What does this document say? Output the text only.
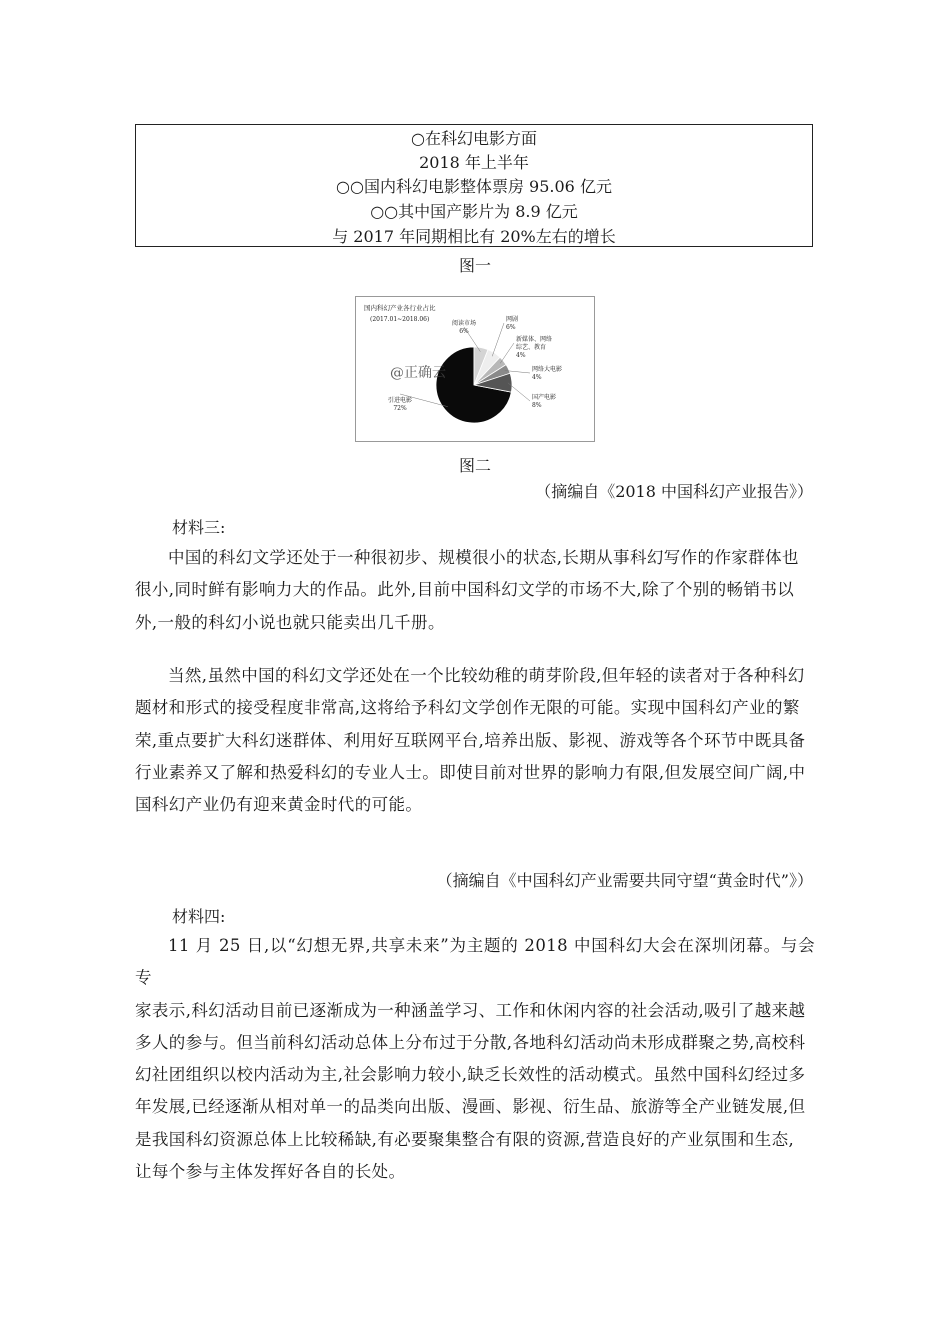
○在科幻电影方面
2018 年上半年
○○国内科幻电影整体票房 95.06 亿元
○○其中国产影片为 8.9 亿元
与 2017 年同期相比有 20%左右的增长
图一
国内科幻产业各行业占比
(2017.01~2018.06)
引进电影
72%
阅读市场
6%
网剧
6%
新媒体、网络
综艺、教育
4%
网络大电影
4%
国产电影
8%
@正确云
图二
（摘编自《2018 中国科幻产业报告》）
材料三:

中国的科幻文学还处于一种很初步、规模很小的状态,长期从事科幻写作的作家群体也
很小,同时鲜有影响力大的作品。此外,目前中国科幻文学的市场不大,除了个别的畅销书以
外,一般的科幻小说也就只能卖出几千册。

当然,虽然中国的科幻文学还处在一个比较幼稚的萌芽阶段,但年轻的读者对于各种科幻
题材和形式的接受程度非常高,这将给予科幻文学创作无限的可能。实现中国科幻产业的繁
荣,重点要扩大科幻迷群体、利用好互联网平台,培养出版、影视、游戏等各个环节中既具备
行业素养又了解和热爱科幻的专业人士。即使目前对世界的影响力有限,但发展空间广阔,中
国科幻产业仍有迎来黄金时代的可能。

（摘编自《中国科幻产业需要共同守望“黄金时代”》）
材料四:

11 月 25 日,以“幻想无界,共享未来”为主题的 2018 中国科幻大会在深圳闭幕。与会专
家表示,科幻活动目前已逐渐成为一种涵盖学习、工作和休闲内容的社会活动,吸引了越来越
多人的参与。但当前科幻活动总体上分布过于分散,各地科幻活动尚未形成群聚之势,高校科
幻社团组织以校内活动为主,社会影响力较小,缺乏长效性的活动模式。虽然中国科幻经过多
年发展,已经逐渐从相对单一的品类向出版、漫画、影视、衍生品、旅游等全产业链发展,但
是我国科幻资源总体上比较稀缺,有必要聚集整合有限的资源,营造良好的产业氛围和生态,
让每个参与主体发挥好各自的长处。
